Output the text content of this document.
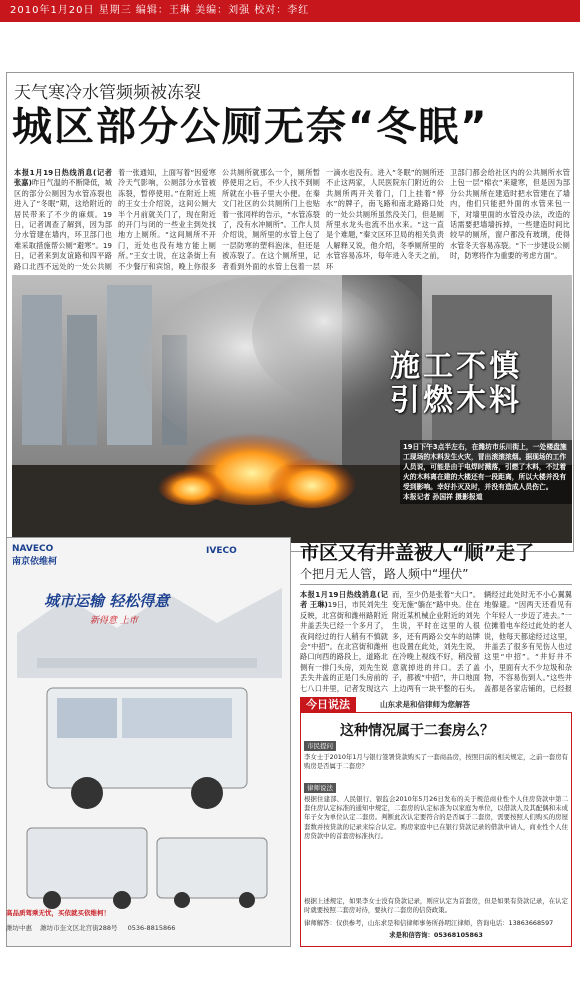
2010年1月20日 星期三 编辑：王琳 美编：刘强 校对：李红
天气寒冷水管频频被冻裂
城区部分公厕无奈“冬眠”
本报1月19日热线消息(记者 张嘉)昨日气温的不断降低，城区的部分公厕因为水管冻裂也进入了“冬眠”期，这给附近的居民带来了不少的麻烦。19日，记者调查了解到，因为部分水管建在墙内，环卫部门也难采取措施帮公厕“避寒”。19日，记者来到友谊路和四平路路口北西不远处的一处公共厕
着一张通知，上面写着“因爱寒冷天气影响，公厕部分水管被冻裂，暂停使用。”在附近上班的王女士介绍说，这间公厕大半个月前就关门了，现在附近的开门与闭的一些业主到处找地方上厕所。“这间厕所不开门，近处也没有地方能上厕所。”王女士说，在这条街上有不少餐厅和宾馆，晚上你很多
公共厕所就那么一个，厕所暂停使用之后，不少人找不到厕所就在小巷子里大小便。在秦文门社区的公共厕所门上也贴着一张同样的告示，“水管冻裂了，没有水冲厕所”。工作人员介绍说，厕所里的水管上包了一层防寒的塑料泡沫，但还是被冻裂了。在这个厕所里，记者看到外面的水管上包着一层
一滴水也没有。进入“冬眠”的厕所还不止这两家，人民医院东门附近的公共厕所两开关着门，门上挂着“停水”的牌子，南飞路和南北路路口处的一处公共厕所虽然没关门，但是厕所里水龙头也流不出水来。“这一直是个难题，”秦文区环卫局的相关负责人解释又说，他介绍，冬季厕所里的水管容易冻坏，每年进入冬天之前，环
卫部门都会给社区内的公共厕所水管上包一层“棉衣”来避寒，但是因为部分公共厕所在建造时把水管建在了墙内，他们只能把外面的水管来包一下，对墙里面的水管没办法，改造的话需要把墙墙拆掉，一些建造时间比较早的厕所，窗户都没有玻璃，使得水管冬天容易冻裂。“下一步建设公厕时，防寒将作为重要的考虑方面”。
施工不慎 引燃木料
19日下午3点半左右，在潍坊市乐川街上，一处楼盘施工现场的木料发生火灾，冒出滚滚浓烟。据现场的工作人员说，可能是由于电焊时溅落，引燃了木料，不过着火的木料离在建的大楼还有一段距离，所以大楼并没有受到影响。幸好扑灭及时，并没有造成人员伤亡。
本报记者 孙国祥 摄影报道
NAVECO
南京依维柯
IVECO
城市运输 轻松得意
新得意 上市
高品质驾乘无忧，买依就买依维柯！
潍坊中惠 潍坊市奎文区北宫街288号 0536-8815866
市区又有井盖被人“顺”走了
个把月无人管，路人频中“埋伏”
本报1月19日热线消息(记者 王琳)19日，市民刘先生反映，北宫街和潍州路附近井盖丢失已经一个多月了，夜间经过的行人稍有不慎就会“中招”。在北宫街和潍州路口向西的路段上，道路北侧有一排门头房，刘先生说丢失井盖的正是门头房前的七八口井里，记者发现这六
而，至少仍是张着“大口”。变无施“躺在”路中央。住在附近某机械企业附近的刘先生说，平时在这里的人很多，还有两路公交车的站牌也设置在此处，刘先生说，在冷晚上视线不好，稍没留意就掉进的井口。丢了盖子，都被“中招”，井口地面上边两有一块平整的石头。
辆经过此处时无不小心翼翼地躲避。“因两天还看见有个年轻人一步迈了进去。”一位摊着电车经过此处的老人说，他每天都途经过这里，井盖丢了很多有见伤人也过这里“中招”。“井好井不小，里面有大不少垃圾和杂物，不容易伤到人。”这些井盖都是各家店铺的，已经报
今日说法	山东求是和信律师为您解答
这种情况属于二套房么？
市民提问
李女士于2010年1月与银行签署贷款购买了一套商品房，按照目前的相关规定，之前一套房有购房是否属于二套房？
律师说法
根据住建部、人民银行、银监会2010年5月26日发布的关于规范商业性个人住房贷款中第二套住房认定标准的通知中规定，二套房的认定标准为以家庭为单位，以借款人及其配偶和未成年子女为单位认定二套房。判断此次认定要符合的是否属于二套房，需要按照人们购买的房屋套数并按贷款的记录来综合认定。购房家庭中已在银行贷款记录的借款申请人，商业性个人住房贷款中的首套房标准执行。
根据上述规定，如果李女士没有贷款记录，则应认定为首套房，但是如果有贷款记录，在认定时就要按照二套房对待，要执行二套房的信贷政策。
律师解答：仅供参考，山东求是和信律师事务所孙明江律师，咨询电话：13863668597
求是和信咨询：05368105863
